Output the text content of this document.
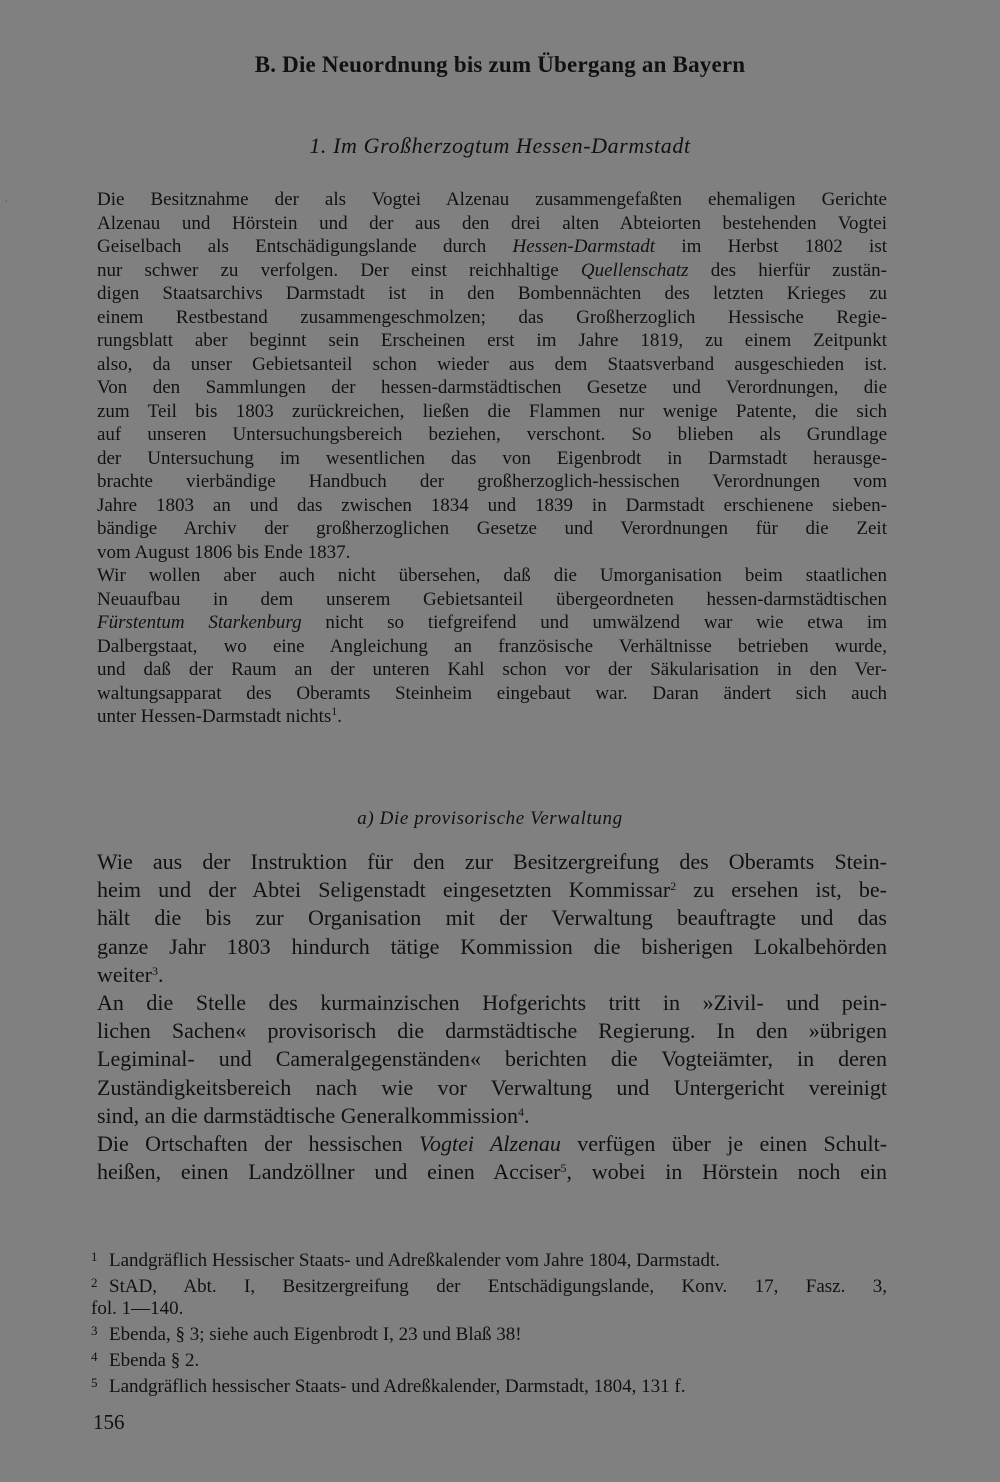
˴
B. Die Neuordnung bis zum Übergang an Bayern
1. Im Großherzogtum Hessen-Darmstadt
Die Besitznahme der als Vogtei Alzenau zusammengefaßten ehemaligen Gerichte
Alzenau und Hörstein und der aus den drei alten Abteiorten bestehenden Vogtei
Geiselbach als Entschädigungslande durch Hessen-Darmstadt im Herbst 1802 ist
nur schwer zu verfolgen. Der einst reichhaltige Quellenschatz des hierfür zustän-
digen Staatsarchivs Darmstadt ist in den Bombennächten des letzten Krieges zu
einem Restbestand zusammengeschmolzen; das Großherzoglich Hessische Regie-
rungsblatt aber beginnt sein Erscheinen erst im Jahre 1819, zu einem Zeitpunkt
also, da unser Gebietsanteil schon wieder aus dem Staatsverband ausgeschieden ist.
Von den Sammlungen der hessen-darmstädtischen Gesetze und Verordnungen, die
zum Teil bis 1803 zurückreichen, ließen die Flammen nur wenige Patente, die sich
auf unseren Untersuchungsbereich beziehen, verschont. So blieben als Grundlage
der Untersuchung im wesentlichen das von Eigenbrodt in Darmstadt herausge-
brachte vierbändige Handbuch der großherzoglich-hessischen Verordnungen vom
Jahre 1803 an und das zwischen 1834 und 1839 in Darmstadt erschienene sieben-
bändige Archiv der großherzoglichen Gesetze und Verordnungen für die Zeit
vom August 1806 bis Ende 1837.
Wir wollen aber auch nicht übersehen, daß die Umorganisation beim staatlichen
Neuaufbau in dem unserem Gebietsanteil übergeordneten hessen-darmstädtischen
Fürstentum Starkenburg nicht so tiefgreifend und umwälzend war wie etwa im
Dalbergstaat, wo eine Angleichung an französische Verhältnisse betrieben wurde,
und daß der Raum an der unteren Kahl schon vor der Säkularisation in den Ver-
waltungsapparat des Oberamts Steinheim eingebaut war. Daran ändert sich auch
unter Hessen-Darmstadt nichts$^1$.
a) Die provisorische Verwaltung
Wie aus der Instruktion für den zur Besitzergreifung des Oberamts Stein-
heim und der Abtei Seligenstadt eingesetzten Kommissar$^2$ zu ersehen ist, be-
hält die bis zur Organisation mit der Verwaltung beauftragte und das
ganze Jahr 1803 hindurch tätige Kommission die bisherigen Lokalbehörden
weiter$^3$.
An die Stelle des kurmainzischen Hofgerichts tritt in »Zivil- und pein-
lichen Sachen« provisorisch die darmstädtische Regierung. In den »übrigen
Legiminal- und Cameralgegenständen« berichten die Vogteiämter, in deren
Zuständigkeitsbereich nach wie vor Verwaltung und Untergericht vereinigt
sind, an die darmstädtische Generalkommission$^4$.
Die Ortschaften der hessischen Vogtei Alzenau verfügen über je einen Schult-
heißen, einen Landzöllner und einen Acciser$^5$, wobei in Hörstein noch ein
1 Landgräflich Hessischer Staats- und Adreßkalender vom Jahre 1804, Darmstadt.
2 StAD, Abt. I, Besitzergreifung der Entschädigungslande, Konv. 17, Fasz. 3,
fol. 1—140.
3 Ebenda, § 3; siehe auch Eigenbrodt I, 23 und Blaß 38!
4 Ebenda § 2.
5 Landgräflich hessischer Staats- und Adreßkalender, Darmstadt, 1804, 131 f.
156
